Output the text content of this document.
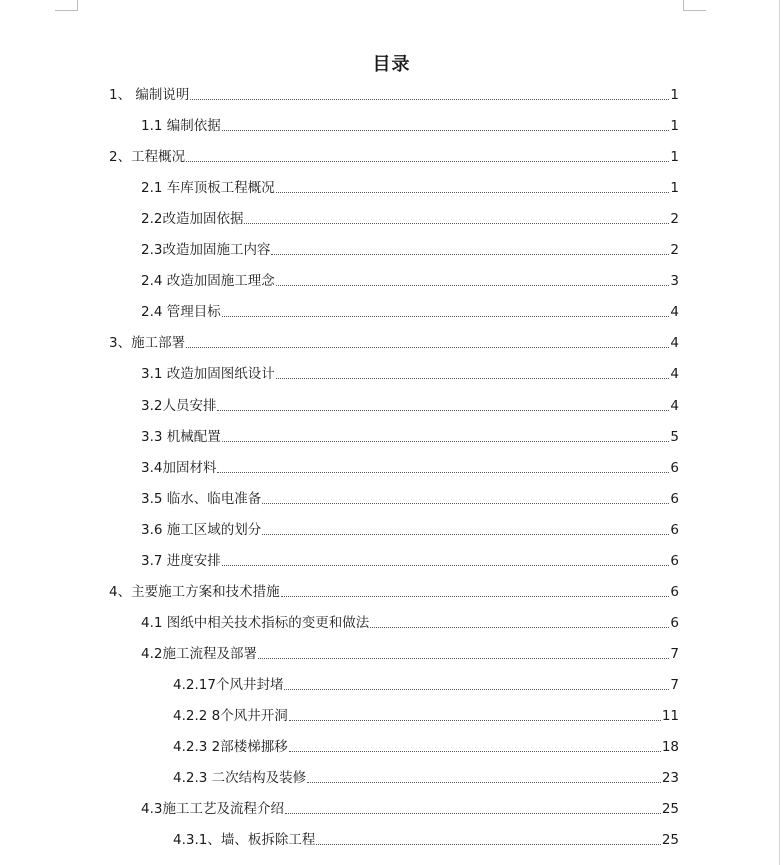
目录
1、 编制说明	1
1.1 编制依据	1
2、工程概况	1
2.1 车库顶板工程概况	1
2.2改造加固依据	2
2.3改造加固施工内容	2
2.4 改造加固施工理念	3
2.4 管理目标	4
3、施工部署	4
3.1 改造加固图纸设计	4
3.2人员安排	4
3.3 机械配置	5
3.4加固材料	6
3.5 临水、临电准备	6
3.6 施工区域的划分	6
3.7 进度安排	6
4、主要施工方案和技术措施	6
4.1 图纸中相关技术指标的变更和做法	6
4.2施工流程及部署	7
4.2.17个风井封堵	7
4.2.2 8个风井开洞	11
4.2.3 2部楼梯挪移	18
4.2.3 二次结构及装修	23
4.3施工工艺及流程介绍	25
4.3.1、墙、板拆除工程	25
